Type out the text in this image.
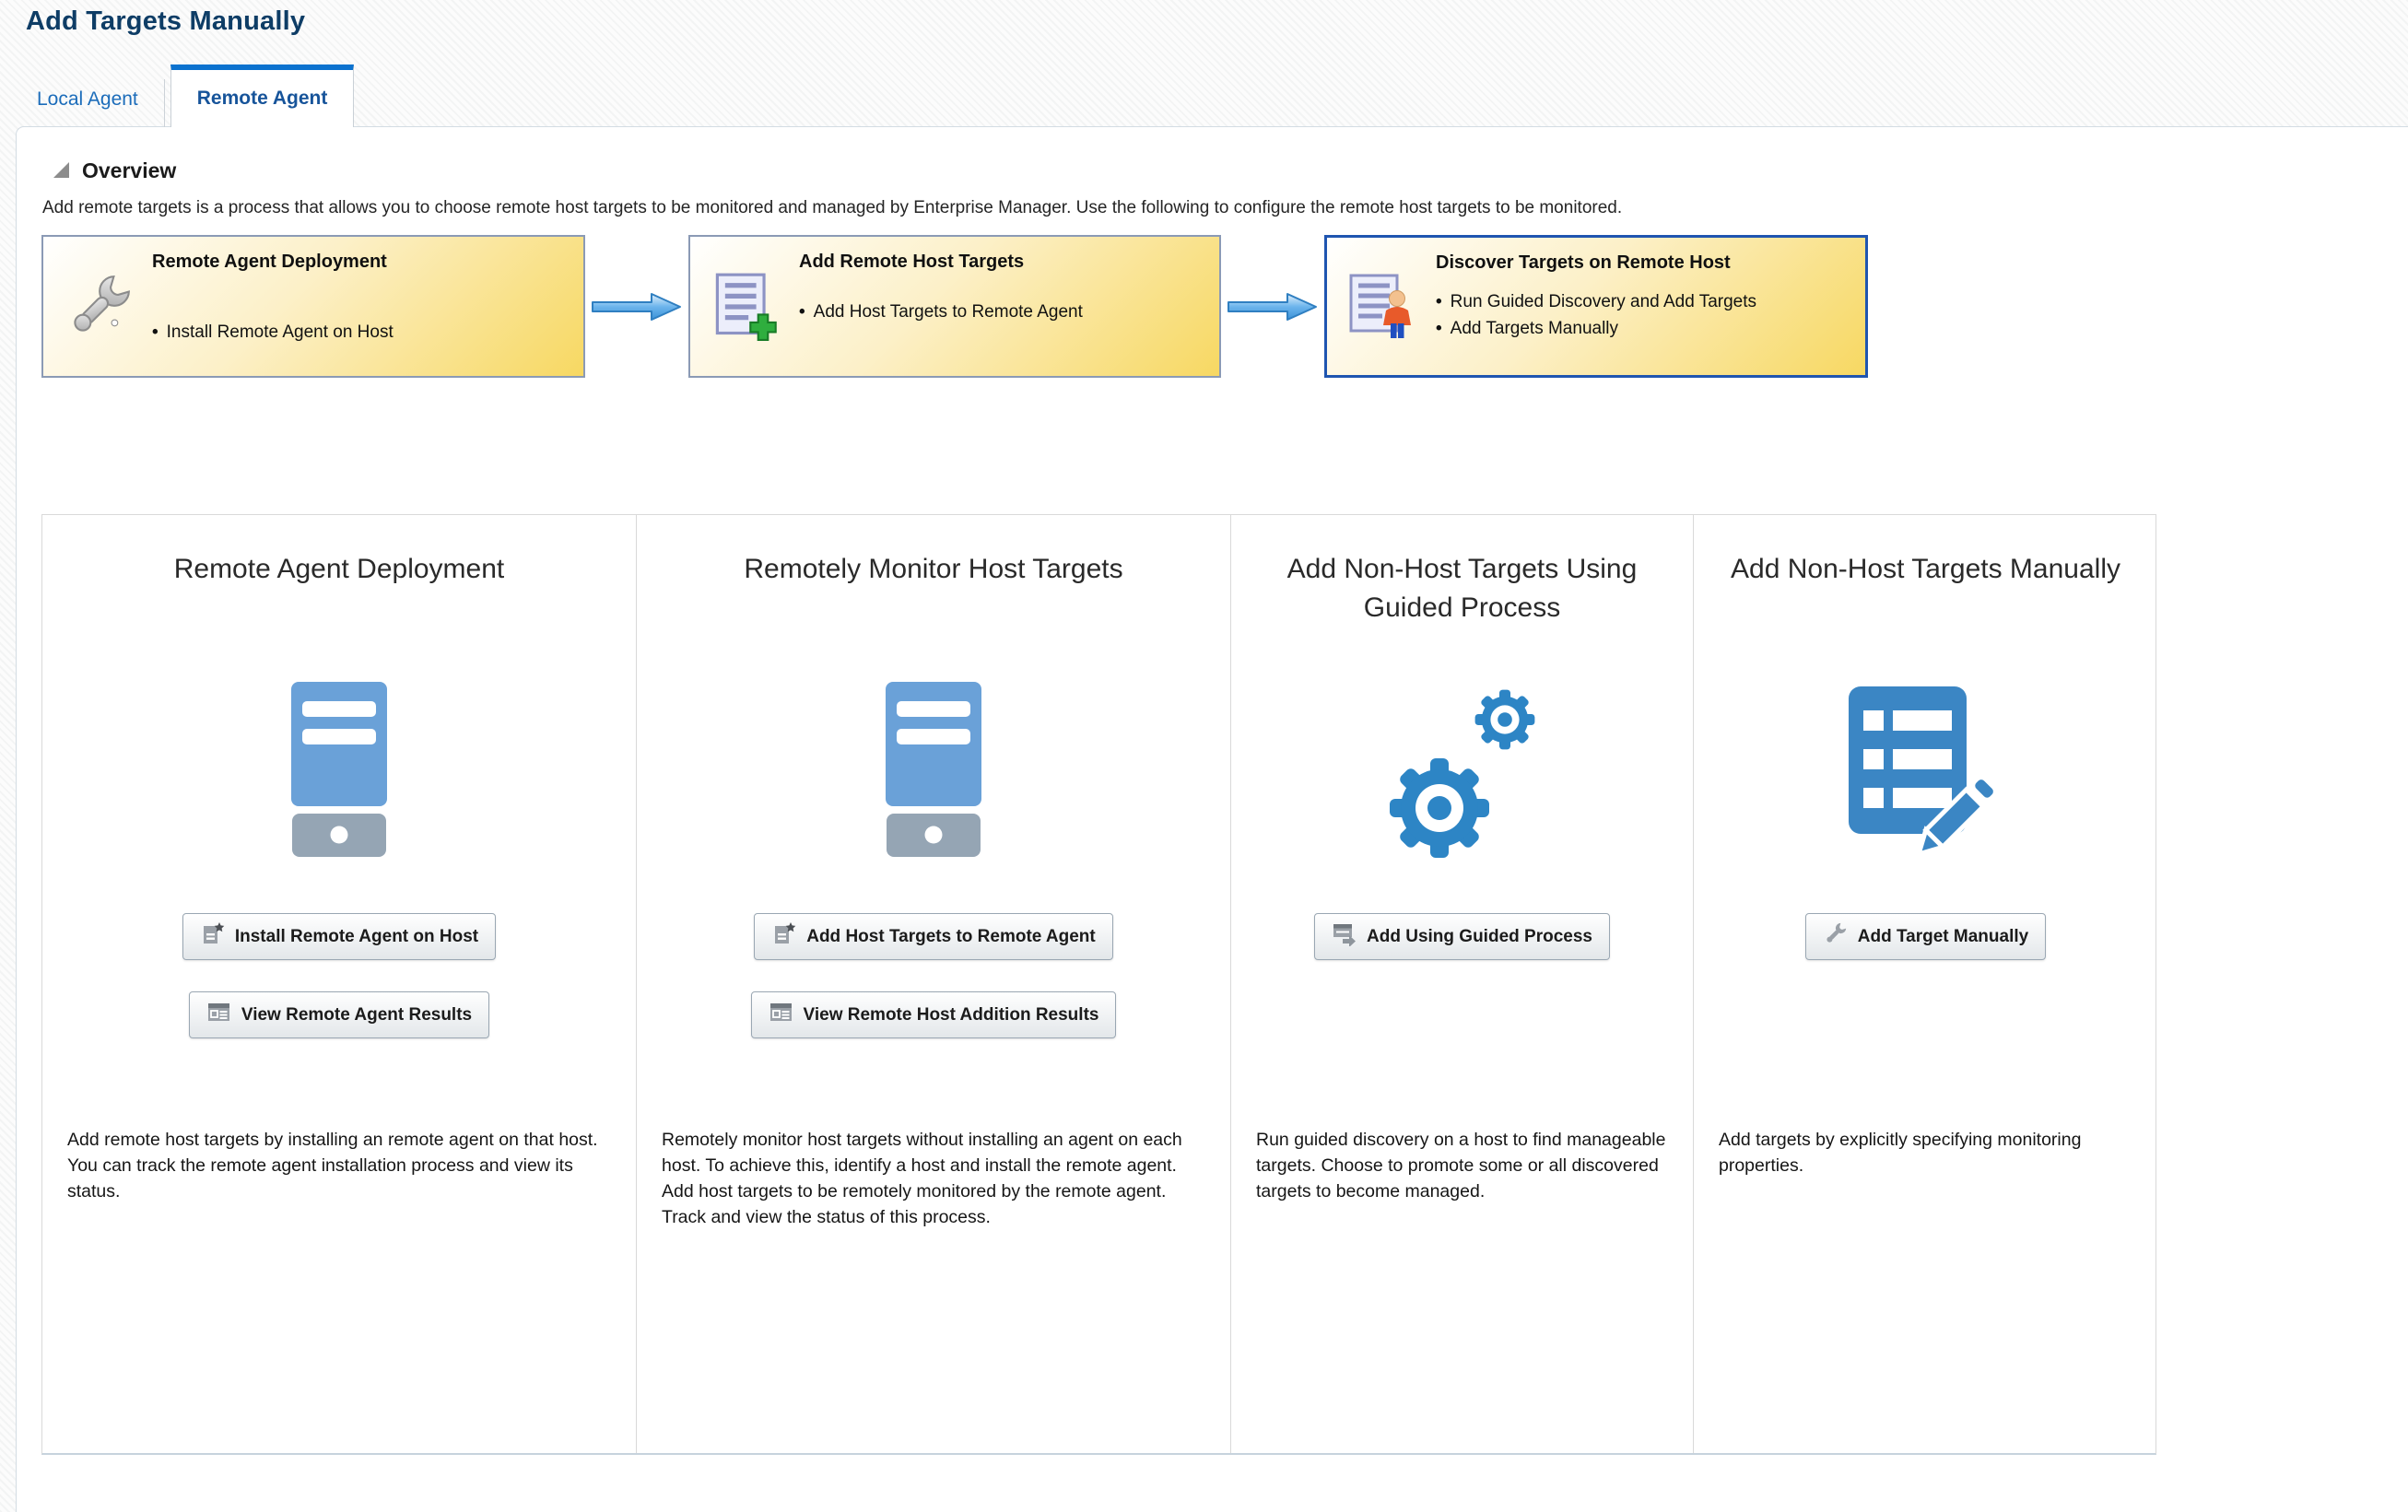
Add Targets Manually
Local Agent	Remote Agent
Overview
Add remote targets is a process that allows you to choose remote host targets to be monitored and managed by Enterprise Manager. Use the following to configure the remote host targets to be monitored.
Remote Agent Deployment
• Install Remote Agent on Host
Add Remote Host Targets
• Add Host Targets to Remote Agent
Discover Targets on Remote Host
• Run Guided Discovery and Add Targets
• Add Targets Manually
Remote Agent Deployment
Install Remote Agent on Host
View Remote Agent Results
Add remote host targets by installing an remote agent on that host. You can track the remote agent installation process and view its status.
Remotely Monitor Host Targets
Add Host Targets to Remote Agent
View Remote Host Addition Results
Remotely monitor host targets without installing an agent on each host. To achieve this, identify a host and install the remote agent. Add host targets to be remotely monitored by the remote agent. Track and view the status of this process.
Add Non-Host Targets Using Guided Process
Add Using Guided Process
Run guided discovery on a host to find manageable targets. Choose to promote some or all discovered targets to become managed.
Add Non-Host Targets Manually
Add Target Manually
Add targets by explicitly specifying monitoring properties.
